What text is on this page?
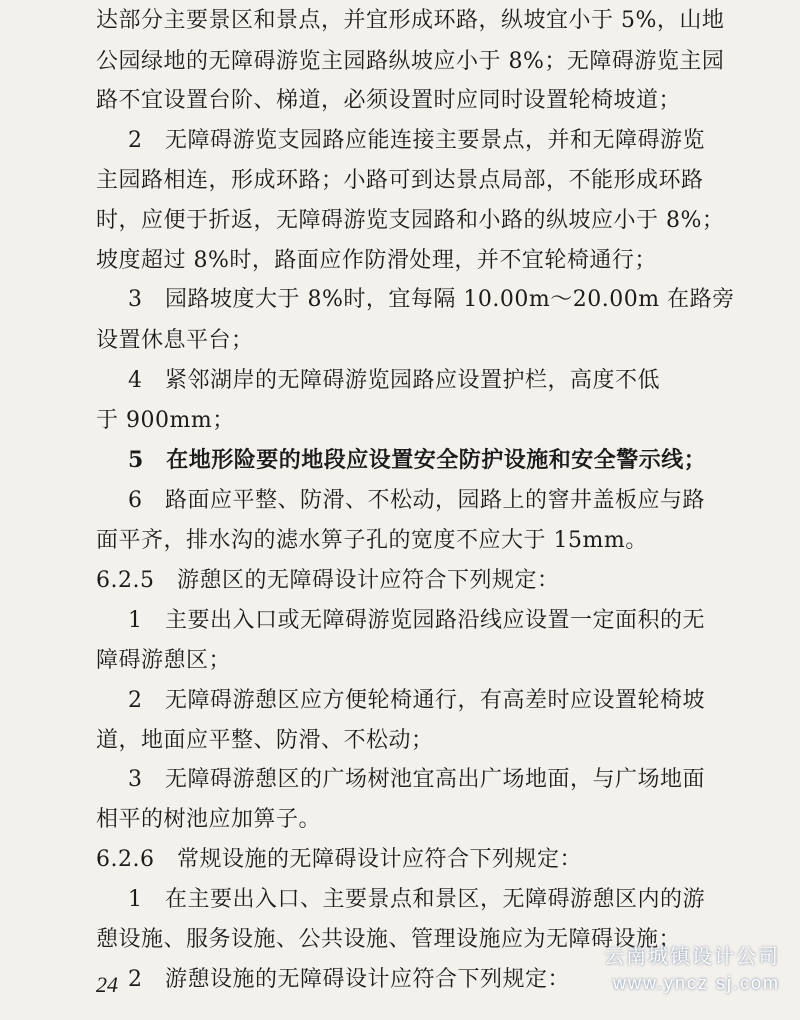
达部分主要景区和景点，并宜形成环路，纵坡宜小于 5%，山地
公园绿地的无障碍游览主园路纵坡应小于 8%；无障碍游览主园
路不宜设置台阶、梯道，必须设置时应同时设置轮椅坡道；
2　无障碍游览支园路应能连接主要景点，并和无障碍游览
主园路相连，形成环路；小路可到达景点局部，不能形成环路
时，应便于折返，无障碍游览支园路和小路的纵坡应小于 8%；
坡度超过 8%时，路面应作防滑处理，并不宜轮椅通行；
3　园路坡度大于 8%时，宜每隔 10.00m～20.00m 在路旁
设置休息平台；
4　紧邻湖岸的无障碍游览园路应设置护栏，高度不低
于 900mm；
5　在地形险要的地段应设置安全防护设施和安全警示线；
6　路面应平整、防滑、不松动，园路上的窨井盖板应与路
面平齐，排水沟的滤水箅子孔的宽度不应大于 15mm。
6.2.5　游憩区的无障碍设计应符合下列规定：
1　主要出入口或无障碍游览园路沿线应设置一定面积的无
障碍游憩区；
2　无障碍游憩区应方便轮椅通行，有高差时应设置轮椅坡
道，地面应平整、防滑、不松动；
3　无障碍游憩区的广场树池宜高出广场地面，与广场地面
相平的树池应加箅子。
6.2.6　常规设施的无障碍设计应符合下列规定：
1　在主要出入口、主要景点和景区，无障碍游憩区内的游
憩设施、服务设施、公共设施、管理设施应为无障碍设施；
2　游憩设施的无障碍设计应符合下列规定：
24
云南城镇设计公司
www.yncz sj.com
